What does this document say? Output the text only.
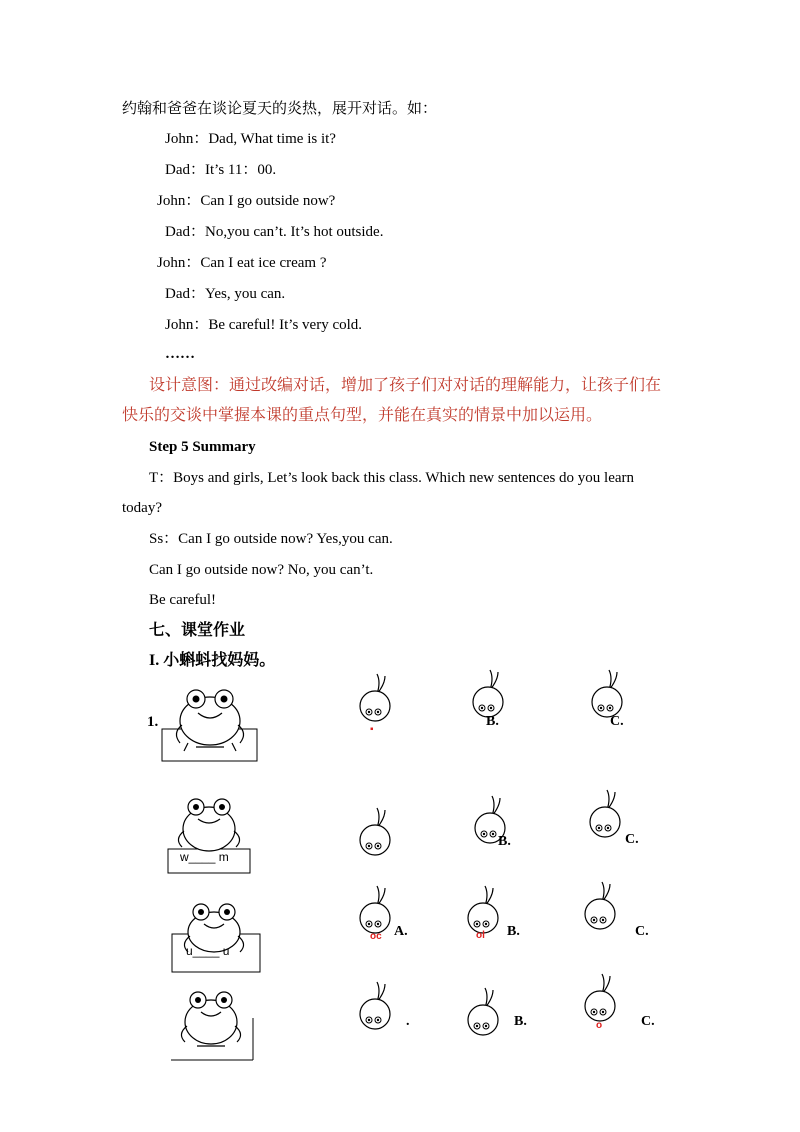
约翰和爸爸在谈论夏天的炎热，展开对话。如：
John：Dad, What time is it?
Dad：It’s 11：00.
John：Can I go outside now?
Dad：No,you can’t. It’s hot outside.
John：Can I eat ice cream ?
Dad：Yes, you can.
John：Be careful! It’s very cold.
……
设计意图：通过改编对话，增加了孩子们对对话的理解能力，让孩子们在
快乐的交谈中掌握本课的重点句型，并能在真实的情景中加以运用。
Step 5 Summary
T：Boys and girls, Let’s look back this class. Which new sentences do you learn
today?
Ss：Can I go outside now? Yes,you can.
Can I go outside now? No, you can’t.
Be careful!
七、课堂作业
I. 小蝌蚪找妈妈。
1.	▪
B.	C.
w____ m
B.	C.
u____ u
oc A.	ol B.	C.
.	B.	o	C.
